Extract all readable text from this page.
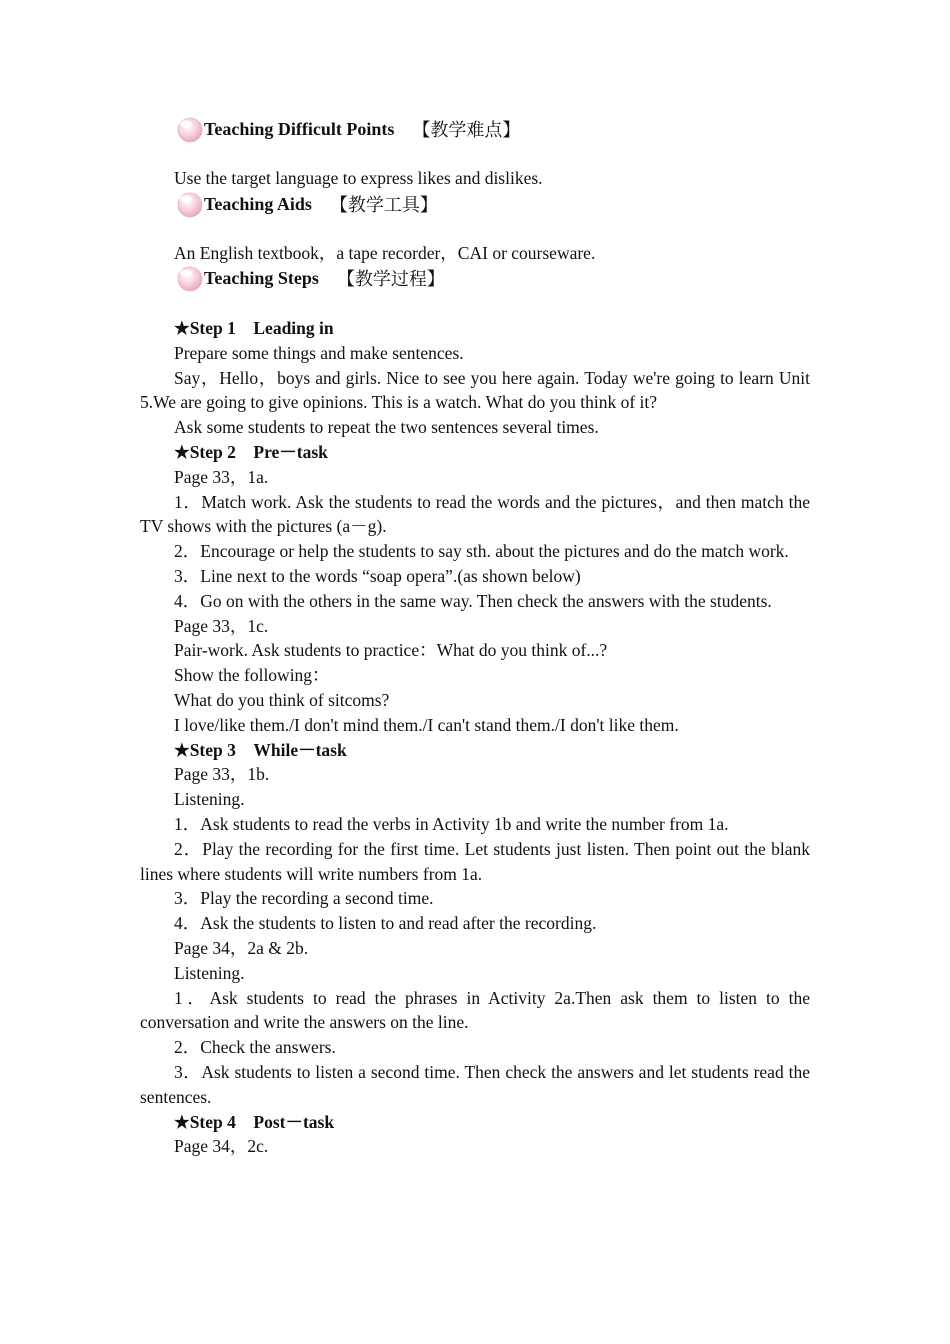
Teaching Difficult Points 【教学难点】

Use the target language to express likes and dislikes.

Teaching Aids 【教学工具】

An English textbook，a tape recorder，CAI or courseware.

Teaching Steps 【教学过程】

★Step 1　Leading in

Prepare some things and make sentences.

Say，Hello，boys and girls. Nice to see you here again. Today we're going to learn Unit 5.We are going to give opinions. This is a watch. What do you think of it?

Ask some students to repeat the two sentences several times.

★Step 2　Pre－task

Page 33，1a.

1．Match work. Ask the students to read the words and the pictures，and then match the TV shows with the pictures (a－g).

2．Encourage or help the students to say sth. about the pictures and do the match work.

3．Line next to the words “soap opera”.(as shown below)

4．Go on with the others in the same way. Then check the answers with the students.

Page 33，1c.

Pair-work. Ask students to practice：What do you think of...?

Show the following：

What do you think of sitcoms?

I love/like them./I don't mind them./I can't stand them./I don't like them.

★Step 3　While－task

Page 33，1b.

Listening.

1．Ask students to read the verbs in Activity 1b and write the number from 1a.

2．Play the recording for the first time. Let students just listen. Then point out the blank lines where students will write numbers from 1a.

3．Play the recording a second time.

4．Ask the students to listen to and read after the recording.

Page 34，2a & 2b.

Listening.

1．Ask students to read the phrases in Activity 2a.Then ask them to listen to the conversation and write the answers on the line.

2．Check the answers.

3．Ask students to listen a second time. Then check the answers and let students read the sentences.

★Step 4　Post－task

Page 34，2c.
